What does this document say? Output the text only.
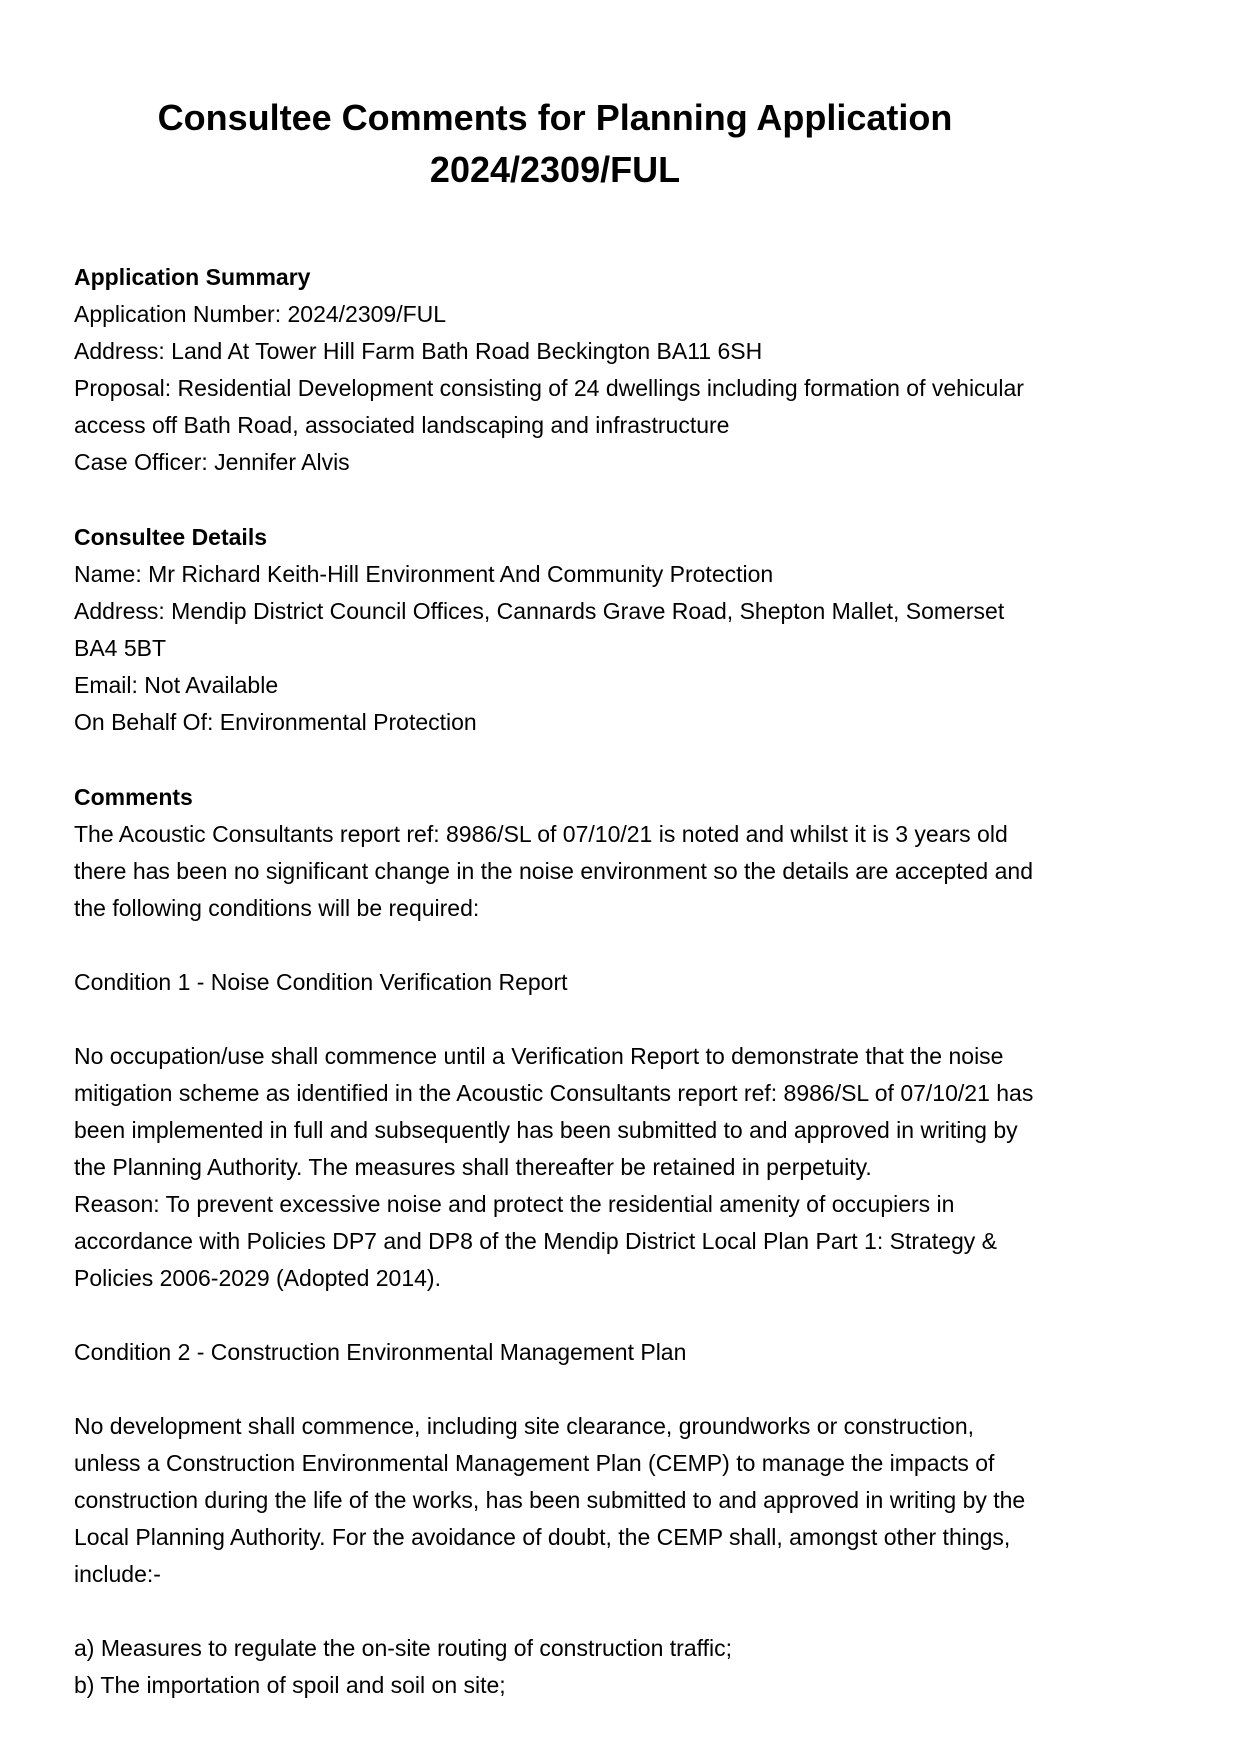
Consultee Comments for Planning Application
2024/2309/FUL
Application Summary

Application Number: 2024/2309/FUL

Address: Land At Tower Hill Farm Bath Road Beckington BA11 6SH

Proposal: Residential Development consisting of 24 dwellings including formation of vehicular access off Bath Road, associated landscaping and infrastructure

Case Officer: Jennifer Alvis

Consultee Details

Name: Mr Richard Keith-Hill Environment And Community Protection

Address: Mendip District Council Offices, Cannards Grave Road, Shepton Mallet, Somerset BA4 5BT

Email: Not Available

On Behalf Of: Environmental Protection

Comments

The Acoustic Consultants report ref: 8986/SL of 07/10/21 is noted and whilst it is 3 years old there has been no significant change in the noise environment so the details are accepted and the following conditions will be required:

Condition 1 - Noise Condition Verification Report

No occupation/use shall commence until a Verification Report to demonstrate that the noise mitigation scheme as identified in the Acoustic Consultants report ref: 8986/SL of 07/10/21 has been implemented in full and subsequently has been submitted to and approved in writing by the Planning Authority. The measures shall thereafter be retained in perpetuity.

Reason: To prevent excessive noise and protect the residential amenity of occupiers in accordance with Policies DP7 and DP8 of the Mendip District Local Plan Part 1: Strategy & Policies 2006-2029 (Adopted 2014).

Condition 2 - Construction Environmental Management Plan

No development shall commence, including site clearance, groundworks or construction, unless a Construction Environmental Management Plan (CEMP) to manage the impacts of construction during the life of the works, has been submitted to and approved in writing by the Local Planning Authority. For the avoidance of doubt, the CEMP shall, amongst other things, include:-

a) Measures to regulate the on-site routing of construction traffic;

b) The importation of spoil and soil on site;
